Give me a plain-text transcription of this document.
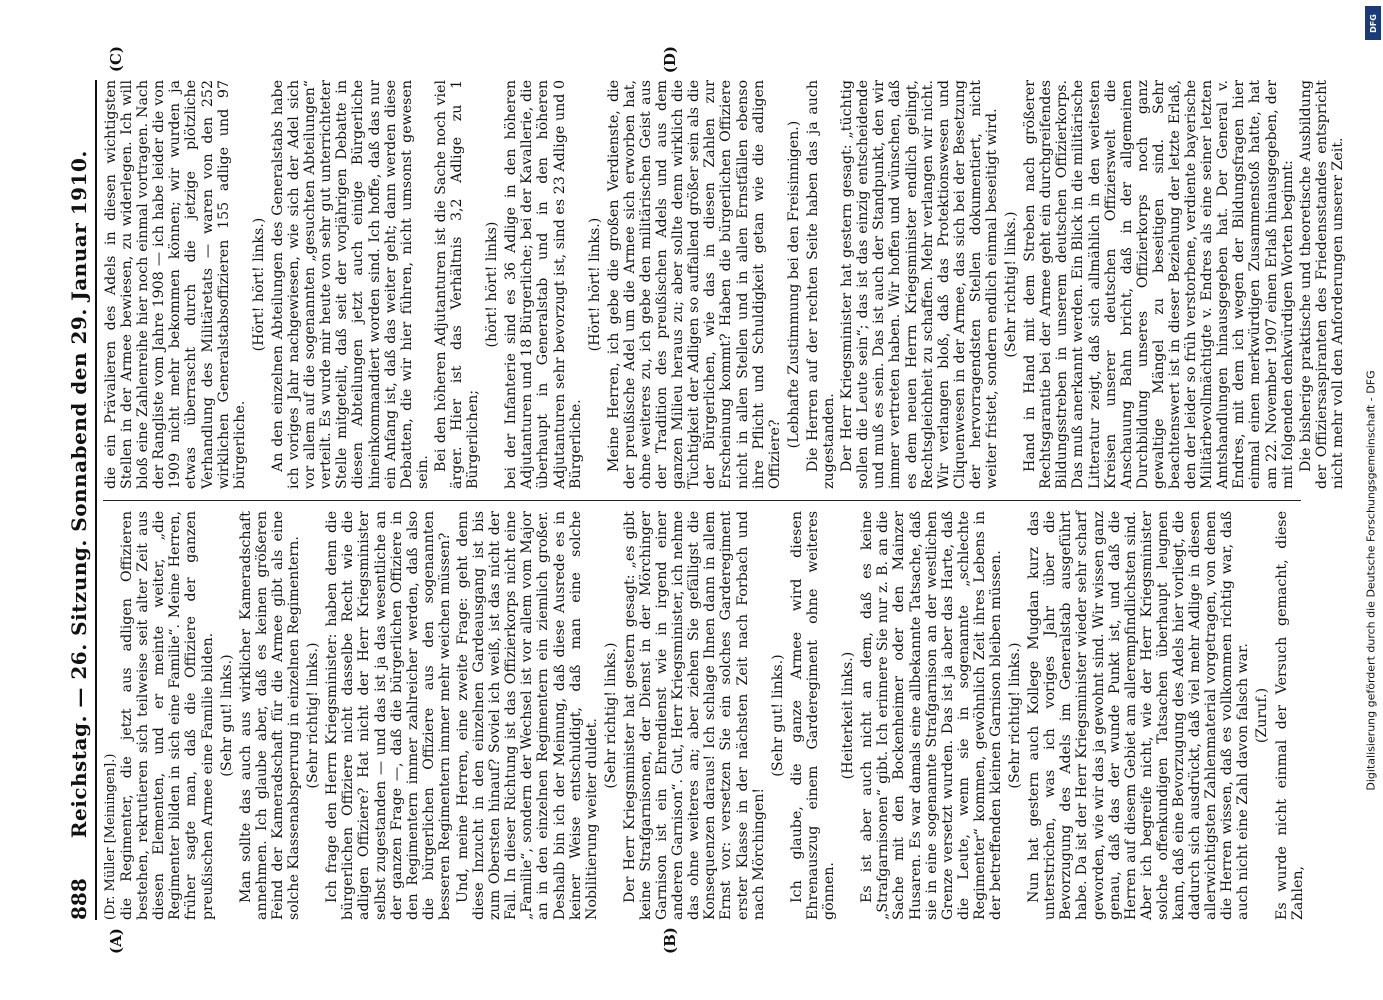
888
Reichstag. — 26. Sitzung. Sonnabend den 29. Januar 1910.
(A)	(B)
(C)	(D)
(Dr. Müller [Meiningen].) die Regimenter, die jetzt aus adligen Offizieren bestehen, rekrutieren sich teilweise seit alter Zeit aus diesen Elementen, und er meinte weiter, „die Regimenter bilden in sich eine Familie“. Meine Herren, früher sagte man, daß die Offiziere der ganzen preußischen Armee eine Familie bilden. (Sehr gut! links.) Man sollte das auch aus wirklicher Kameradschaft annehmen. Ich glaube aber, daß es keinen größeren Feind der Kameradschaft für die Armee gibt als eine solche Klassenabsperrung in einzelnen Regimentern. (Sehr richtig! links.) Ich frage den Herrn Kriegsminister: haben denn die bürgerlichen Offiziere nicht dasselbe Recht wie die adligen Offiziere? Hat nicht der Herr Kriegsminister selbst zugestanden — und das ist ja das wesentliche an der ganzen Frage —, daß die bürgerlichen Offiziere in den Regimentern immer zahlreicher werden, daß also die bürgerlichen Offiziere aus den sogenannten besseren Regimentern immer mehr weichen müssen? Und, meine Herren, eine zweite Frage: geht denn diese Inzucht in den einzelnen Gardeausgang ist bis zum Obersten hinauf? Soviel ich weiß, ist das nicht der Fall. In dieser Richtung ist das Offizierkorps nicht eine „Familie“, sondern der Wechsel ist vor allem vom Major an in den einzelnen Regimentern ein ziemlich großer. Deshalb bin ich der Meinung, daß diese Ausrede es in keiner Weise entschuldigt, daß man eine solche Nobilitierung weiter duldet.

(Sehr richtig! links.) Der Herr Kriegsminister hat gestern gesagt: „es gibt keine Strafgarnisonen, der Dienst in der Mörchinger Garnison ist ein Ehrendienst wie in irgend einer anderen Garnison“. Gut, Herr Kriegsminister, ich nehme das ohne weiteres an; aber ziehen Sie gefälligst die Konsequenzen daraus! Ich schlage Ihnen dann in allem Ernst vor: versetzen Sie ein solches Garderegiment erster Klasse in der nächsten Zeit nach Forbach und nach Mörchingen!

(Sehr gut! links.) Ich glaube, die ganze Armee wird diesen Ehrenauszug einem Garderegiment ohne weiteres gönnen.

(Heiterkeit links.) Es ist aber auch nicht an dem, daß es keine „Strafgarnisonen“ gibt. Ich erinnere Sie nur z. B. an die Sache mit den Bockenheimer oder den Mainzer Husaren. Es war damals eine allbekannte Tatsache, daß sie in eine sogenannte Strafgarnison an der westlichen Grenze versetzt wurden. Das ist ja aber das Harte, daß die Leute, wenn sie in sogenannte „schlechte Regimenter“ kommen, gewöhnlich Zeit ihres Lebens in der betreffenden kleinen Garnison bleiben müssen. (Sehr richtig! links.) Nun hat gestern auch Kollege Mugdan kurz das unterstrichen, was ich voriges Jahr über die Bevorzugung des Adels im Generalstab ausgeführt habe. Da ist der Herr Kriegsminister wieder sehr scharf geworden, wie wir das ja gewohnt sind. Wir wissen ganz genau, daß das der wunde Punkt ist, und daß die Herren auf diesem Gebiet am allerempfindlichsten sind. Aber ich begreife nicht, wie der Herr Kriegsminister solche offenkundigen Tatsachen überhaupt leugnen kann, daß eine Bevorzugung des Adels hier vorliegt, die dadurch sich ausdrückt, daß viel mehr Adlige in diesen allerwichtigsten Zahlenmaterial vorgetragen, von denen die Herren wissen, daß es vollkommen richtig war, daß auch nicht eine Zahl davon falsch war. (Zuruf.) Es wurde nicht einmal der Versuch gemacht, diese Zahlen,

die ein Prävalieren des Adels in diesen wichtigsten Stellen in der Armee bewiesen, zu widerlegen. Ich will bloß eine Zahlenreihe hier noch einmal vortragen. Nach der Rangliste vom Jahre 1908 — ich habe leider die von 1909 nicht mehr bekommen können; wir wurden ja etwas überrascht durch die jetzige plötzliche Verhandlung des Militäretats — waren von den 252 wirklichen Generalstabsoffizieren 155 adlige und 97 bürgerliche.

(Hört! hört! links.) An den einzelnen Abteilungen des Generalstabs habe ich voriges Jahr nachgewiesen, wie sich der Adel sich vor allem auf die sogenannten „gesuchten Abteilungen“ verteilt. Es wurde mir heute von sehr gut unterrichteter Stelle mitgeteilt, daß seit der vorjährigen Debatte in diesen Abteilungen jetzt auch einige Bürgerliche hineinkommandiert worden sind. Ich hoffe, daß das nur ein Anfang ist, daß das weiter geht; dann werden diese Debatten, die wir hier führen, nicht umsonst gewesen sein.

Bei den höheren Adjutanturen ist die Sache noch viel ärger. Hier ist das Verhältnis 3,2 Adlige zu 1 Bürgerlichen;

(hört! hört! links) bei der Infanterie sind es 36 Adlige in den höheren Adjutanturen und 18 Bürgerliche; bei der Kavallerie, die überhaupt in Generalstab und in den höheren Adjutanturen sehr bevorzugt ist, sind es 23 Adlige und 0 Bürgerliche.

(Hört! hört! links.) Meine Herren, ich gebe die großen Verdienste, die der preußische Adel um die Armee sich erworben hat, ohne weiteres zu, ich gebe den militärischen Geist aus der Tradition des preußischen Adels und aus dem ganzen Milieu heraus zu; aber sollte denn wirklich die Tüchtigkeit der Adligen so auffallend größer sein als die der Bürgerlichen, wie das in diesen Zahlen zur Erscheinung kommt? Haben die bürgerlichen Offiziere nicht in allen Stellen und in allen Ernstfällen ebenso ihre Pflicht und Schuldigkeit getan wie die adligen Offiziere?

(Lebhafte Zustimmung bei den Freisinnigen.) Die Herren auf der rechten Seite haben das ja auch zugestanden. Der Herr Kriegsminister hat gestern gesagt: „tüchtig sollen die Leute sein“; das ist das einzig entscheidende und muß es sein. Das ist auch der Standpunkt, den wir immer vertreten haben. Wir hoffen und wünschen, daß es dem neuen Herrn Kriegsminister endlich gelingt, Rechtsgleichheit zu schaffen. Mehr verlangen wir nicht. Wir verlangen bloß, daß das Protektionswesen und Cliquenwesen in der Armee, das sich bei der Besetzung der hervorragendsten Stellen dokumentiert, nicht weiter fristet, sondern endlich einmal beseitigt wird. (Sehr richtig! links.) Hand in Hand mit dem Streben nach größerer Rechtsgarantie bei der Armee geht ein durchgreifendes Bildungsstreben in unserem deutschen Offizierkorps. Das muß anerkannt werden. Ein Blick in die militärische Litteratur zeigt, daß sich allmählich in den weitesten Kreisen unserer deutschen Offizierswelt die Anschauung Bahn bricht, daß in der allgemeinen Durchbildung unseres Offizierkorps noch ganz gewaltige Mängel zu beseitigen sind. Sehr beachtenswert ist in dieser Beziehung der letzte Erlaß, den der leider so früh verstorbene, verdiente bayerische Militärbevollmächtigte v. Endres als eine seiner letzten Amtshandlungen hinausgegeben hat. Der General v. Endres, mit dem ich wegen der Bildungsfragen hier einmal einen merkwürdigen Zusammenstoß hatte, hat am 22. November 1907 einen Erlaß hinausgegeben, der mit folgenden denkwürdigen Worten beginnt: Die bisherige praktische und theoretische Ausbildung der Offiziersaspiranten des Friedensstandes entspricht nicht mehr voll den Anforderungen unserer Zeit.

DFG
Digitalisierung gefördert durch die Deutsche Forschungsgemeinschaft - DFG
